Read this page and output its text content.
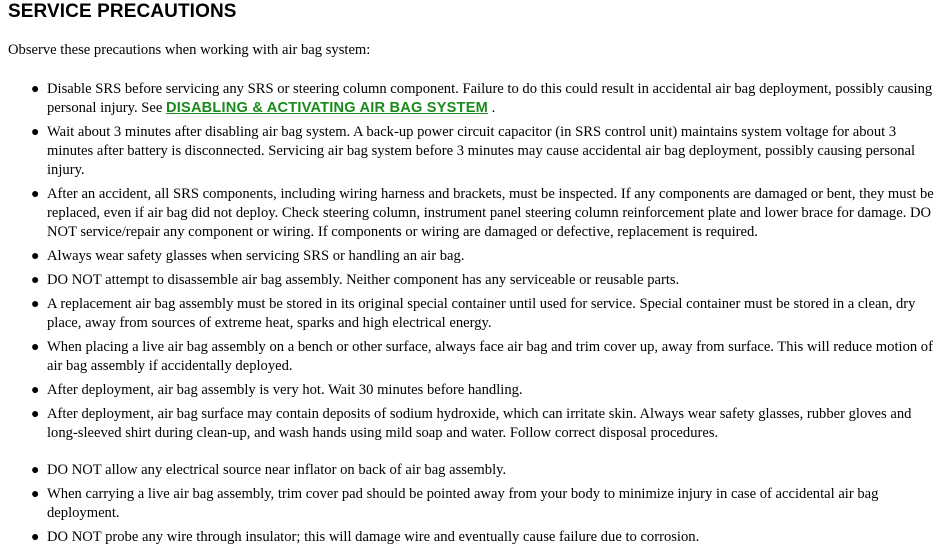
SERVICE PRECAUTIONS

Observe these precautions when working with air bag system:

● Disable SRS before servicing any SRS or steering column component. Failure to do this could result in accidental air bag deployment, possibly causing personal injury. See DISABLING & ACTIVATING AIR BAG SYSTEM .
● Wait about 3 minutes after disabling air bag system. A back-up power circuit capacitor (in SRS control unit) maintains system voltage for about 3 minutes after battery is disconnected. Servicing air bag system before 3 minutes may cause accidental air bag deployment, possibly causing personal injury.
● After an accident, all SRS components, including wiring harness and brackets, must be inspected. If any components are damaged or bent, they must be replaced, even if air bag did not deploy. Check steering column, instrument panel steering column reinforcement plate and lower brace for damage. DO NOT service/repair any component or wiring. If components or wiring are damaged or defective, replacement is required.
● Always wear safety glasses when servicing SRS or handling an air bag.
● DO NOT attempt to disassemble air bag assembly. Neither component has any serviceable or reusable parts.
● A replacement air bag assembly must be stored in its original special container until used for service. Special container must be stored in a clean, dry place, away from sources of extreme heat, sparks and high electrical energy.
● When placing a live air bag assembly on a bench or other surface, always face air bag and trim cover up, away from surface. This will reduce motion of air bag assembly if accidentally deployed.
● After deployment, air bag assembly is very hot. Wait 30 minutes before handling.
● After deployment, air bag surface may contain deposits of sodium hydroxide, which can irritate skin. Always wear safety glasses, rubber gloves and long-sleeved shirt during clean-up, and wash hands using mild soap and water. Follow correct disposal procedures.
● DO NOT allow any electrical source near inflator on back of air bag assembly.
● When carrying a live air bag assembly, trim cover pad should be pointed away from your body to minimize injury in case of accidental air bag deployment.
● DO NOT probe any wire through insulator; this will damage wire and eventually cause failure due to corrosion.
